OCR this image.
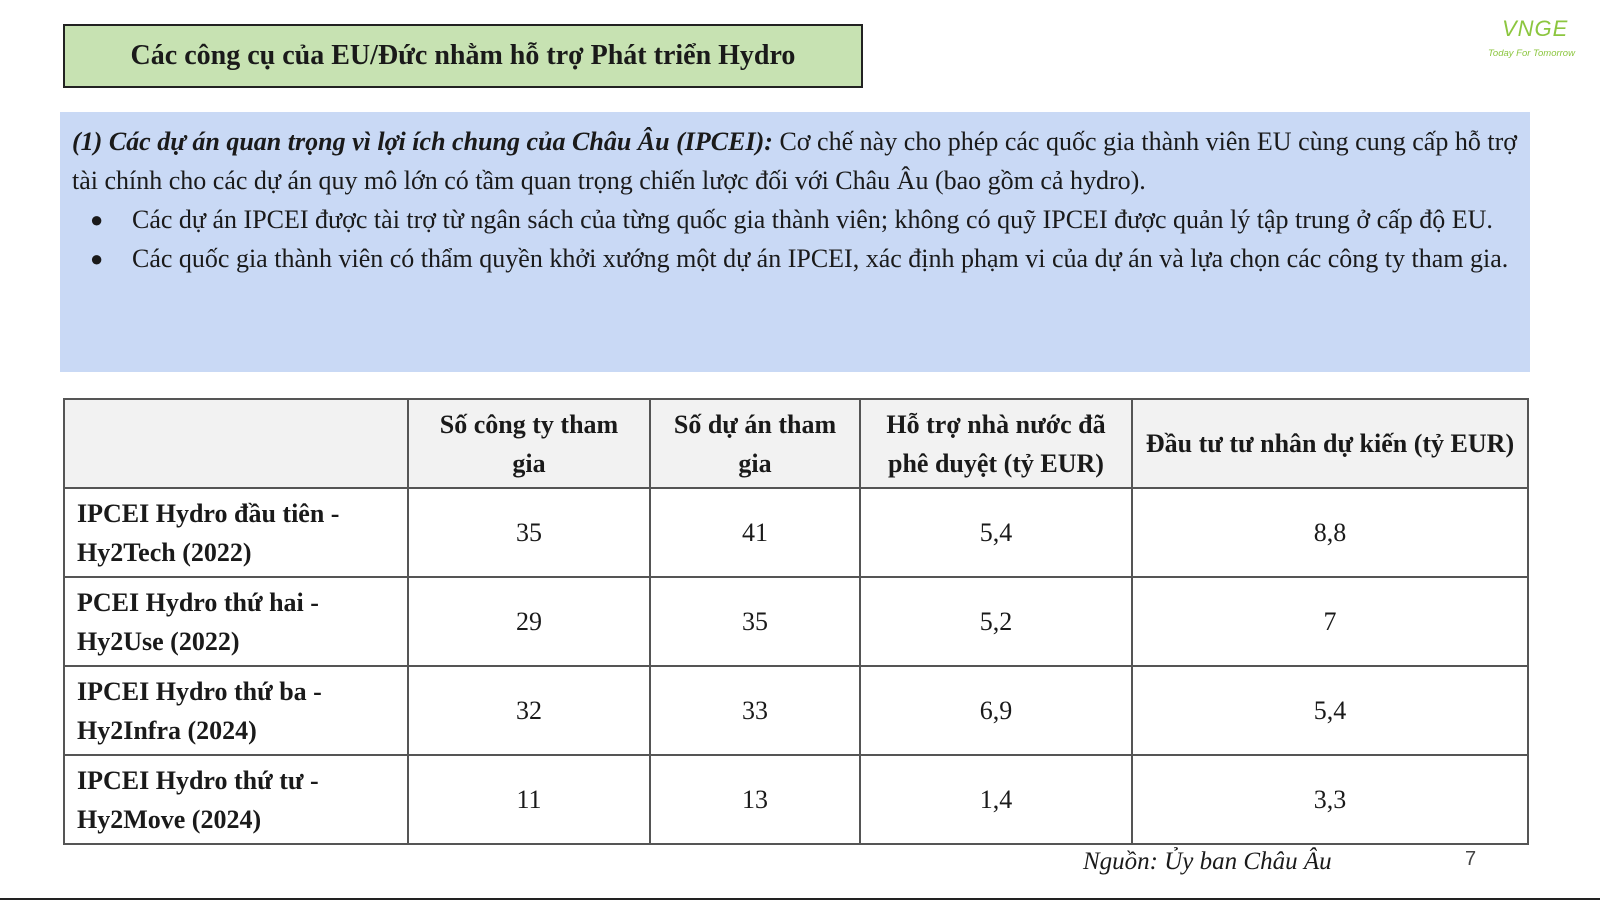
Các công cụ của EU/Đức nhằm hỗ trợ Phát triển Hydro
VNGE
Today For Tomorrow
(1) Các dự án quan trọng vì lợi ích chung của Châu Âu (IPCEI): Cơ chế này cho phép các quốc gia thành viên EU cùng cung cấp hỗ trợ tài chính cho các dự án quy mô lớn có tầm quan trọng chiến lược đối với Châu Âu (bao gồm cả hydro).
● Các dự án IPCEI được tài trợ từ ngân sách của từng quốc gia thành viên; không có quỹ IPCEI được quản lý tập trung ở cấp độ EU.
● Các quốc gia thành viên có thẩm quyền khởi xướng một dự án IPCEI, xác định phạm vi của dự án và lựa chọn các công ty tham gia.
	Số công ty tham gia	Số dự án tham gia	Hỗ trợ nhà nước đã phê duyệt (tỷ EUR)	Đầu tư tư nhân dự kiến (tỷ EUR)
IPCEI Hydro đầu tiên - Hy2Tech (2022)	35	41	5,4	8,8
PCEI Hydro thứ hai - Hy2Use (2022)	29	35	5,2	7
IPCEI Hydro thứ ba - Hy2Infra (2024)	32	33	6,9	5,4
IPCEI Hydro thứ tư - Hy2Move (2024)	11	13	1,4	3,3
Nguồn: Ủy ban Châu Âu	7
